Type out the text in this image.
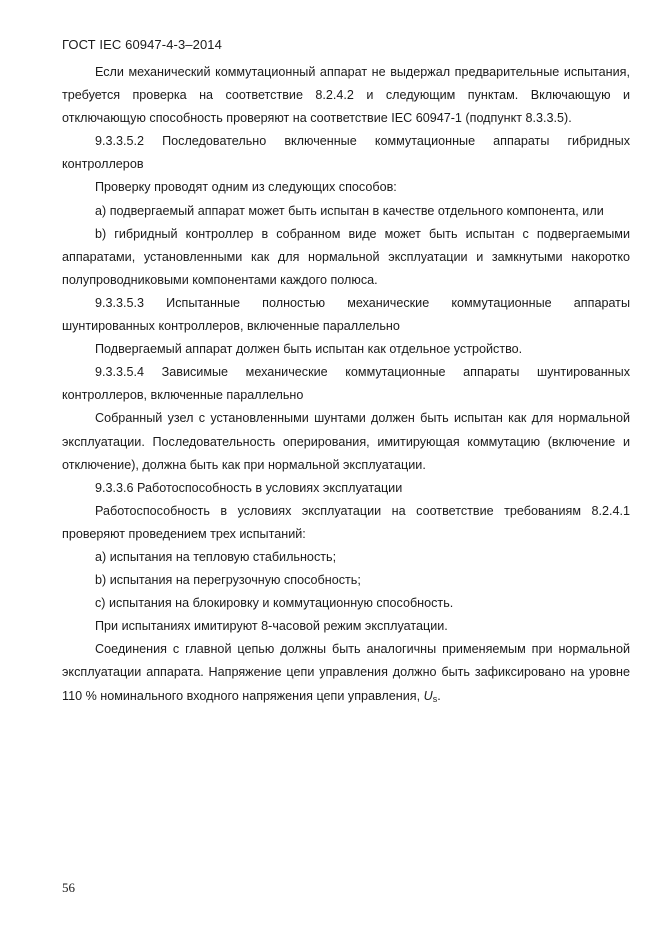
ГОСТ IEC 60947-4-3–2014

Если механический коммутационный аппарат не выдержал предварительные испытания, требуется проверка на соответствие 8.2.4.2 и следующим пунктам. Включающую и отключающую способность проверяют на соответствие IEC 60947-1 (подпункт 8.3.3.5).

9.3.3.5.2 Последовательно включенные коммутационные аппараты гибридных контроллеров

Проверку проводят одним из следующих способов:

a) подвергаемый аппарат может быть испытан в качестве отдельного компонента, или

b) гибридный контроллер в собранном виде может быть испытан с подвергаемыми аппаратами, установленными как для нормальной эксплуатации и замкнутыми накоротко полупроводниковыми компонентами каждого полюса.

9.3.3.5.3 Испытанные полностью механические коммутационные аппараты шунтированных контроллеров, включенные параллельно

Подвергаемый аппарат должен быть испытан как отдельное устройство.

9.3.3.5.4 Зависимые механические коммутационные аппараты шунтированных контроллеров, включенные параллельно

Собранный узел с установленными шунтами должен быть испытан как для нормальной эксплуатации. Последовательность оперирования, имитирующая коммутацию (включение и отключение), должна быть как при нормальной эксплуатации.

9.3.3.6 Работоспособность в условиях эксплуатации

Работоспособность в условиях эксплуатации на соответствие требованиям 8.2.4.1 проверяют проведением трех испытаний:

a) испытания на тепловую стабильность;

b) испытания на перегрузочную способность;

c) испытания на блокировку и коммутационную способность.

При испытаниях имитируют 8-часовой режим эксплуатации.

Соединения с главной цепью должны быть аналогичны применяемым при нормальной эксплуатации аппарата. Напряжение цепи управления должно быть зафиксировано на уровне 110 % номинального входного напряжения цепи управления, $U_s$.

56
